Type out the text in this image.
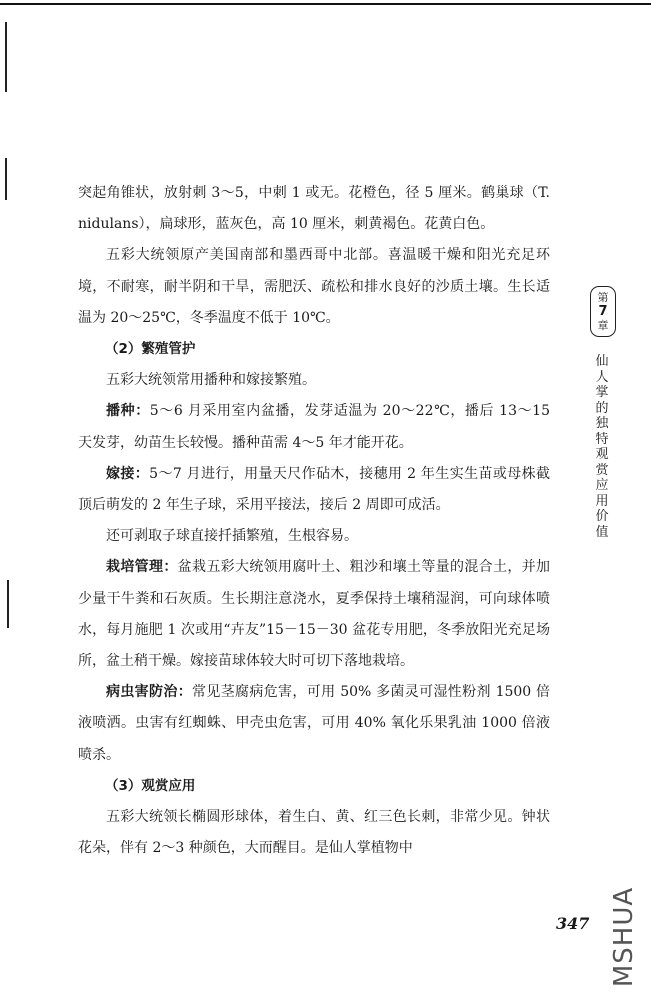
突起角锥状，放射刺 3～5，中刺 1 或无。花橙色，径 5 厘米。鹤巢球（T. nidulans），扁球形，蓝灰色，高 10 厘米，刺黄褐色。花黄白色。

五彩大统领原产美国南部和墨西哥中北部。喜温暖干燥和阳光充足环境，不耐寒，耐半阴和干旱，需肥沃、疏松和排水良好的沙质土壤。生长适温为 20～25℃，冬季温度不低于 10℃。

（2）繁殖管护

五彩大统领常用播种和嫁接繁殖。

播种：5～6 月采用室内盆播，发芽适温为 20～22℃，播后 13～15 天发芽，幼苗生长较慢。播种苗需 4～5 年才能开花。

嫁接：5～7 月进行，用量天尺作砧木，接穗用 2 年生实生苗或母株截顶后萌发的 2 年生子球，采用平接法，接后 2 周即可成活。

还可剥取子球直接扦插繁殖，生根容易。

栽培管理：盆栽五彩大统领用腐叶土、粗沙和壤土等量的混合土，并加少量干牛粪和石灰质。生长期注意浇水，夏季保持土壤稍湿润，可向球体喷水，每月施肥 1 次或用“卉友”15－15－30 盆花专用肥，冬季放阳光充足场所，盆土稍干燥。嫁接苗球体较大时可切下落地栽培。

病虫害防治：常见茎腐病危害，可用 50% 多菌灵可湿性粉剂 1500 倍液喷洒。虫害有红蜘蛛、甲壳虫危害，可用 40% 氧化乐果乳油 1000 倍液喷杀。

（3）观赏应用

五彩大统领长椭圆形球体，着生白、黄、红三色长刺，非常少见。钟状花朵，伴有 2～3 种颜色，大而醒目。是仙人掌植物中

第
7
章
仙人掌的独特观赏应用价值
347 MSHUA
